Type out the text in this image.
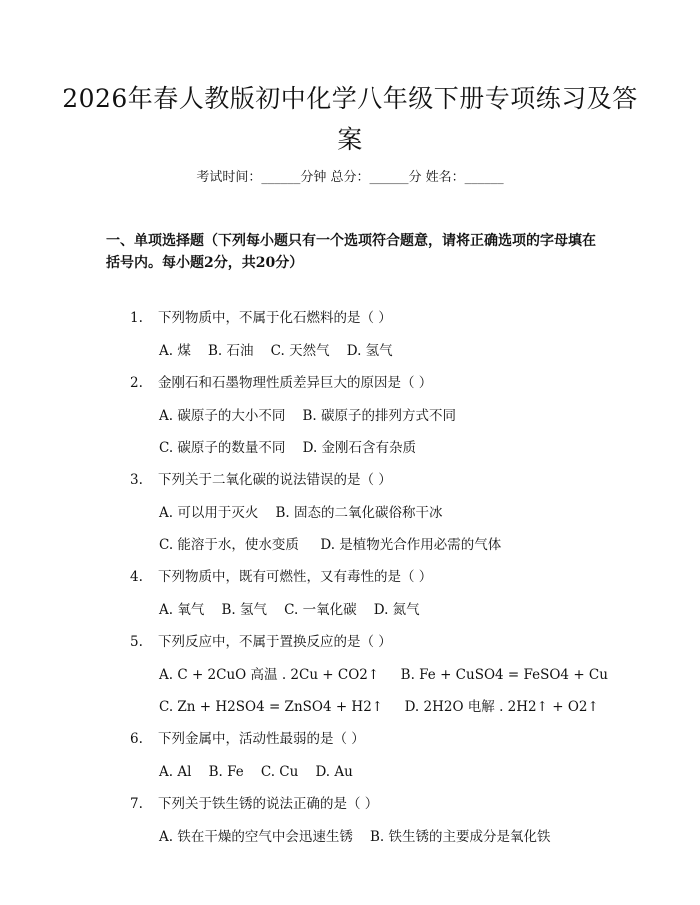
2026年春人教版初中化学八年级下册专项练习及答案
考试时间：______分钟 总分：______分 姓名：______
一、单项选择题（下列每小题只有一个选项符合题意，请将正确选项的字母填在括号内。每小题2分，共20分）
1. 下列物质中，不属于化石燃料的是（ ）
A. 煤    B. 石油    C. 天然气    D. 氢气
2. 金刚石和石墨物理性质差异巨大的原因是（ ）
A. 碳原子的大小不同    B. 碳原子的排列方式不同
C. 碳原子的数量不同    D. 金刚石含有杂质
3. 下列关于二氧化碳的说法错误的是（ ）
A. 可以用于灭火    B. 固态的二氧化碳俗称干冰
C. 能溶于水，使水变质     D. 是植物光合作用必需的气体
4. 下列物质中，既有可燃性，又有毒性的是（ ）
A. 氧气    B. 氢气    C. 一氧化碳    D. 氮气
5. 下列反应中，不属于置换反应的是（ ）
A. C + 2CuO 高温 . 2Cu + CO2↑     B. Fe + CuSO4 = FeSO4 + Cu
C. Zn + H2SO4 = ZnSO4 + H2↑     D. 2H2O 电解 . 2H2↑ + O2↑
6. 下列金属中，活动性最弱的是（ ）
A. Al    B. Fe    C. Cu    D. Au
7. 下列关于铁生锈的说法正确的是（ ）
A. 铁在干燥的空气中会迅速生锈    B. 铁生锈的主要成分是氧化铁
